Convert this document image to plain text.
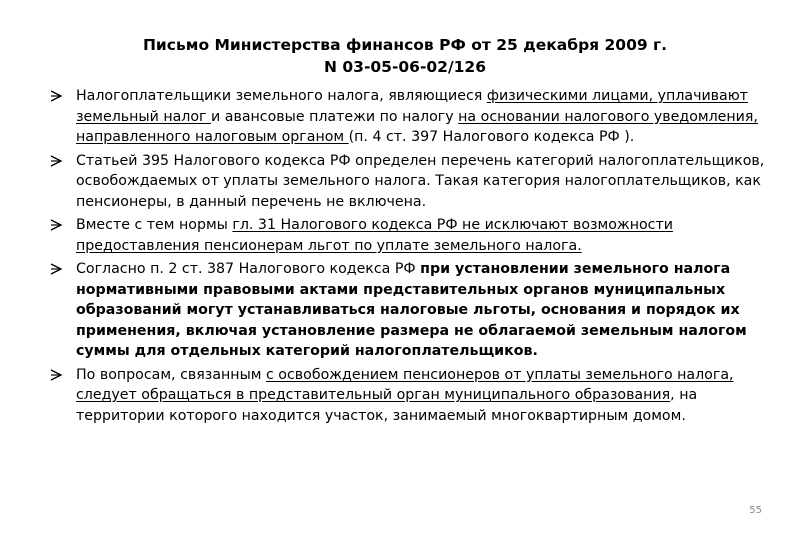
Письмо Министерства финансов РФ от 25 декабря 2009 г.
N 03-05-06-02/126
Налогоплательщики земельного налога, являющиеся физическими лицами, уплачивают земельный налог и авансовые платежи по налогу на основании налогового уведомления, направленного налоговым органом (п. 4 ст. 397 Налогового кодекса РФ ).
Статьей 395 Налогового кодекса РФ определен перечень категорий налогоплательщиков, освобождаемых от уплаты земельного налога. Такая категория налогоплательщиков, как пенсионеры, в данный перечень не включена.
Вместе с тем нормы гл. 31 Налогового кодекса РФ не исключают возможности предоставления пенсионерам льгот по уплате земельного налога.
Согласно п. 2 ст. 387 Налогового кодекса РФ при установлении земельного налога нормативными правовыми актами представительных органов муниципальных образований могут устанавливаться налоговые льготы, основания и порядок их применения, включая установление размера не облагаемой земельным налогом суммы для отдельных категорий налогоплательщиков.
По вопросам, связанным с освобождением пенсионеров от уплаты земельного налога, следует обращаться в представительный орган муниципального образования, на территории которого находится участок, занимаемый многоквартирным домом.
55
